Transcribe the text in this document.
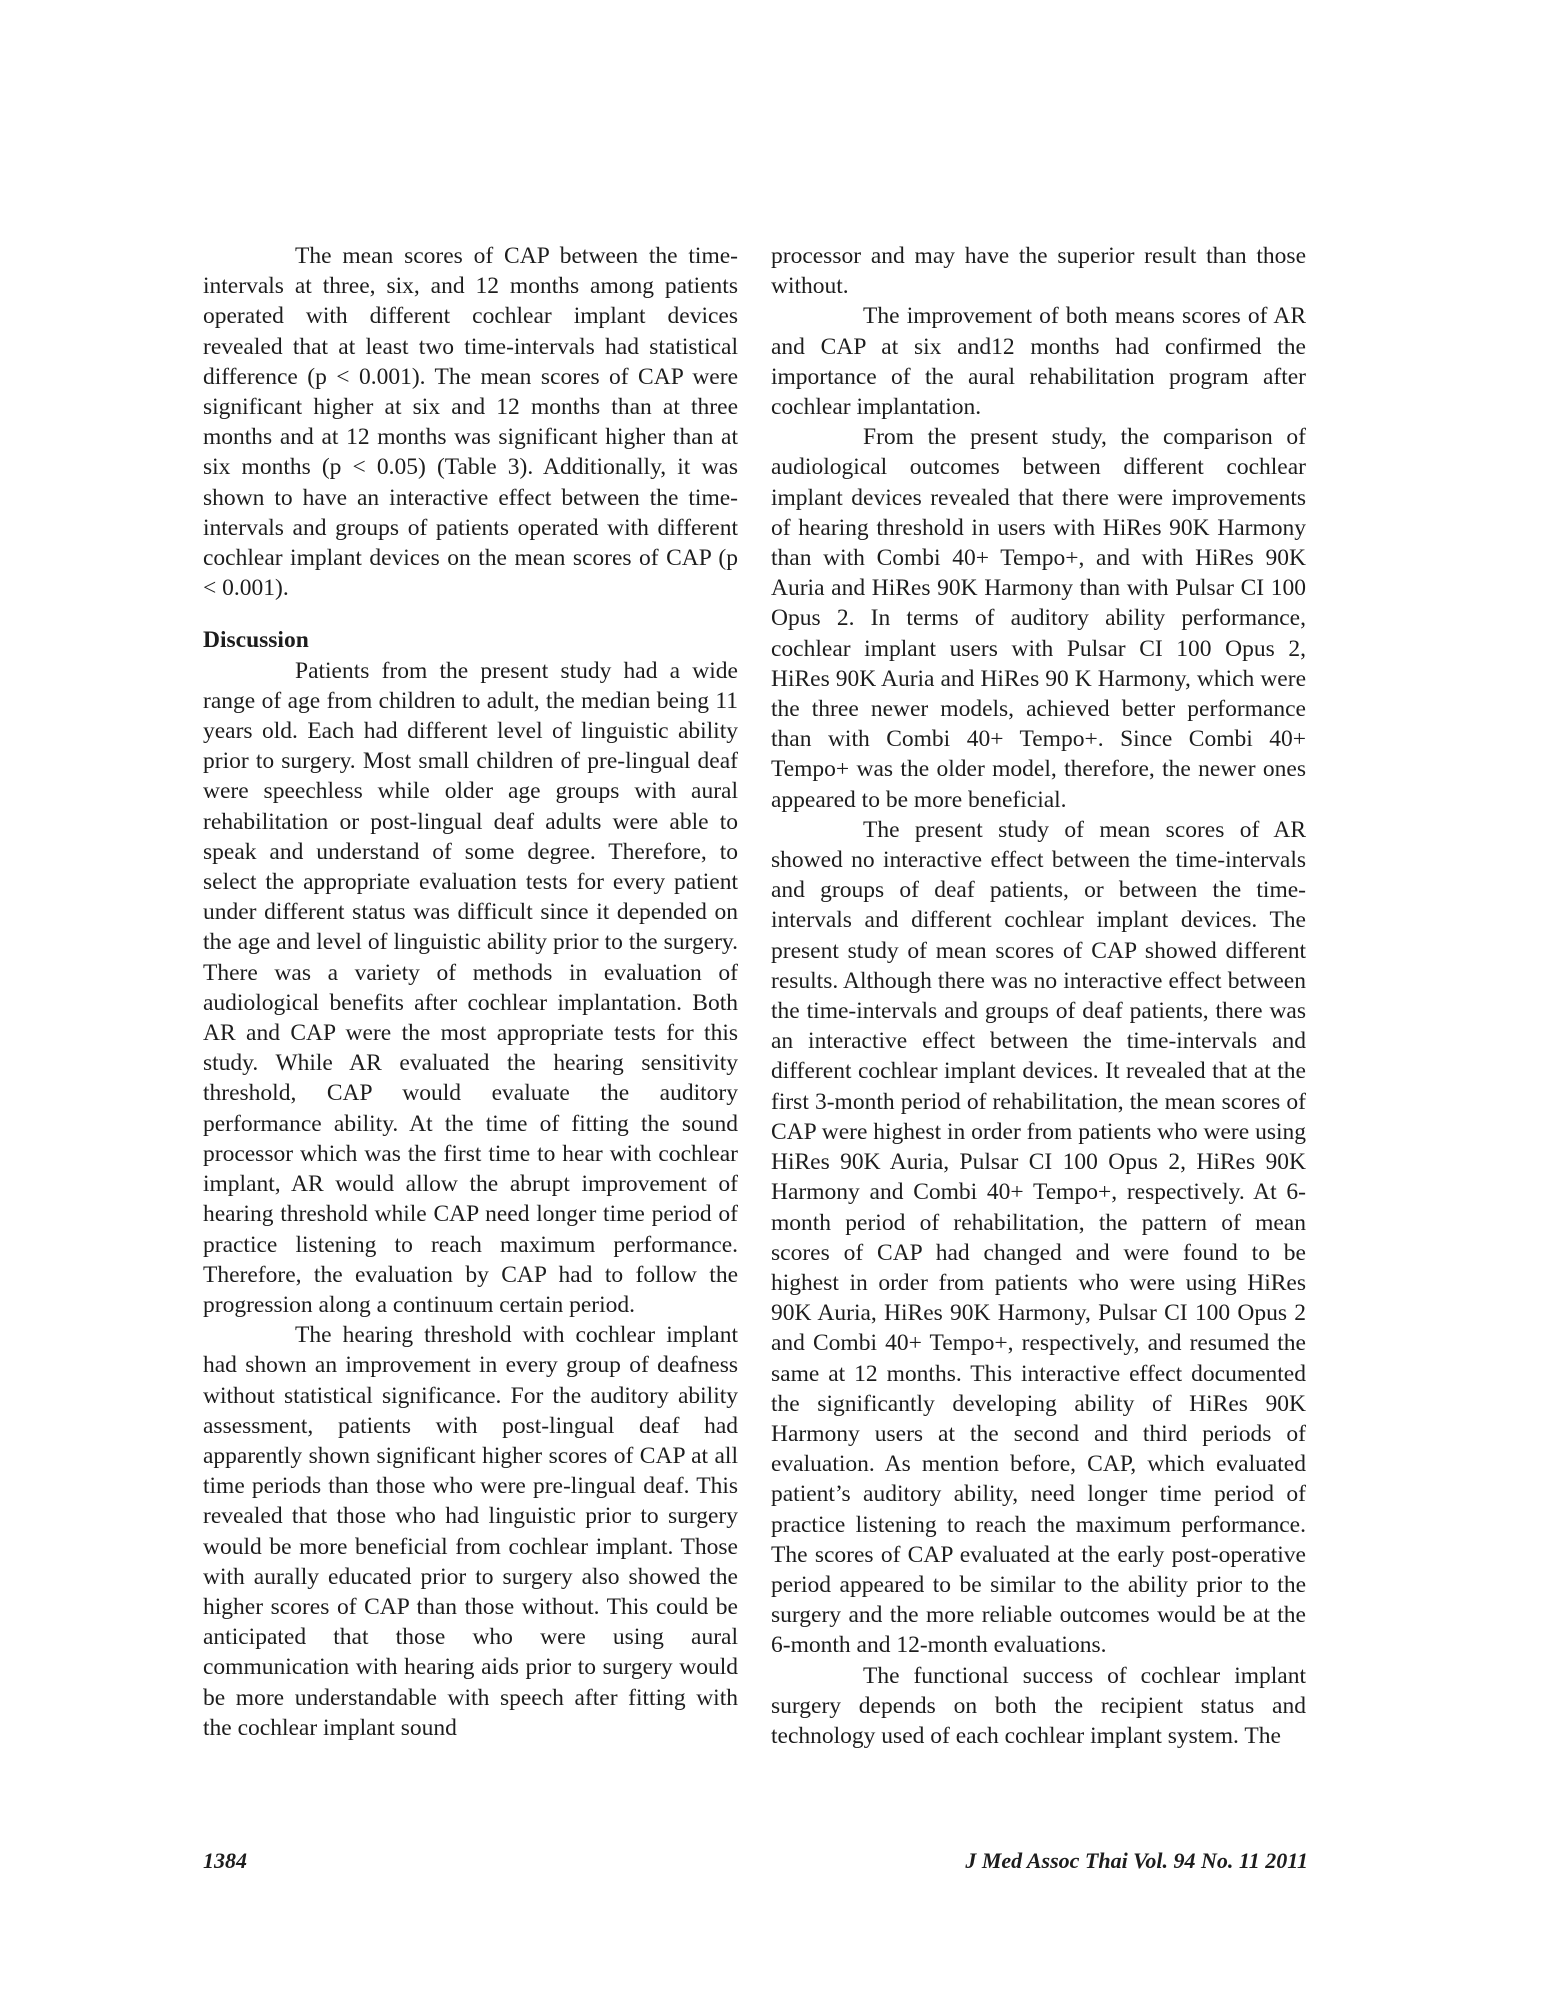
The mean scores of CAP between the time-intervals at three, six, and 12 months among patients operated with different cochlear implant devices revealed that at least two time-intervals had statistical difference (p < 0.001). The mean scores of CAP were significant higher at six and 12 months than at three months and at 12 months was significant higher than at six months (p < 0.05) (Table 3). Additionally, it was shown to have an interactive effect between the time-intervals and groups of patients operated with different cochlear implant devices on the mean scores of CAP (p < 0.001).

Discussion

Patients from the present study had a wide range of age from children to adult, the median being 11 years old. Each had different level of linguistic ability prior to surgery. Most small children of pre-lingual deaf were speechless while older age groups with aural rehabilitation or post-lingual deaf adults were able to speak and understand of some degree. Therefore, to select the appropriate evaluation tests for every patient under different status was difficult since it depended on the age and level of linguistic ability prior to the surgery. There was a variety of methods in evaluation of audiological benefits after cochlear implantation. Both AR and CAP were the most appropriate tests for this study. While AR evaluated the hearing sensitivity threshold, CAP would evaluate the auditory performance ability. At the time of fitting the sound processor which was the first time to hear with cochlear implant, AR would allow the abrupt improvement of hearing threshold while CAP need longer time period of practice listening to reach maximum performance. Therefore, the evaluation by CAP had to follow the progression along a continuum certain period.

The hearing threshold with cochlear implant had shown an improvement in every group of deafness without statistical significance. For the auditory ability assessment, patients with post-lingual deaf had apparently shown significant higher scores of CAP at all time periods than those who were pre-lingual deaf. This revealed that those who had linguistic prior to surgery would be more beneficial from cochlear implant. Those with aurally educated prior to surgery also showed the higher scores of CAP than those without. This could be anticipated that those who were using aural communication with hearing aids prior to surgery would be more understandable with speech after fitting with the cochlear implant sound

processor and may have the superior result than those without.

The improvement of both means scores of AR and CAP at six and12 months had confirmed the importance of the aural rehabilitation program after cochlear implantation.

From the present study, the comparison of audiological outcomes between different cochlear implant devices revealed that there were improvements of hearing threshold in users with HiRes 90K Harmony than with Combi 40+ Tempo+, and with HiRes 90K Auria and HiRes 90K Harmony than with Pulsar CI 100 Opus 2. In terms of auditory ability performance, cochlear implant users with Pulsar CI 100 Opus 2, HiRes 90K Auria and HiRes 90 K Harmony, which were the three newer models, achieved better performance than with Combi 40+ Tempo+. Since Combi 40+ Tempo+ was the older model, therefore, the newer ones appeared to be more beneficial.

The present study of mean scores of AR showed no interactive effect between the time-intervals and groups of deaf patients, or between the time-intervals and different cochlear implant devices. The present study of mean scores of CAP showed different results. Although there was no interactive effect between the time-intervals and groups of deaf patients, there was an interactive effect between the time-intervals and different cochlear implant devices. It revealed that at the first 3-month period of rehabilitation, the mean scores of CAP were highest in order from patients who were using HiRes 90K Auria, Pulsar CI 100 Opus 2, HiRes 90K Harmony and Combi 40+ Tempo+, respectively. At 6-month period of rehabilitation, the pattern of mean scores of CAP had changed and were found to be highest in order from patients who were using HiRes 90K Auria, HiRes 90K Harmony, Pulsar CI 100 Opus 2 and Combi 40+ Tempo+, respectively, and resumed the same at 12 months. This interactive effect documented the significantly developing ability of HiRes 90K Harmony users at the second and third periods of evaluation. As mention before, CAP, which evaluated patient’s auditory ability, need longer time period of practice listening to reach the maximum performance. The scores of CAP evaluated at the early post-operative period appeared to be similar to the ability prior to the surgery and the more reliable outcomes would be at the 6-month and 12-month evaluations.

The functional success of cochlear implant surgery depends on both the recipient status and technology used of each cochlear implant system. The

1384	J Med Assoc Thai Vol. 94 No. 11 2011
